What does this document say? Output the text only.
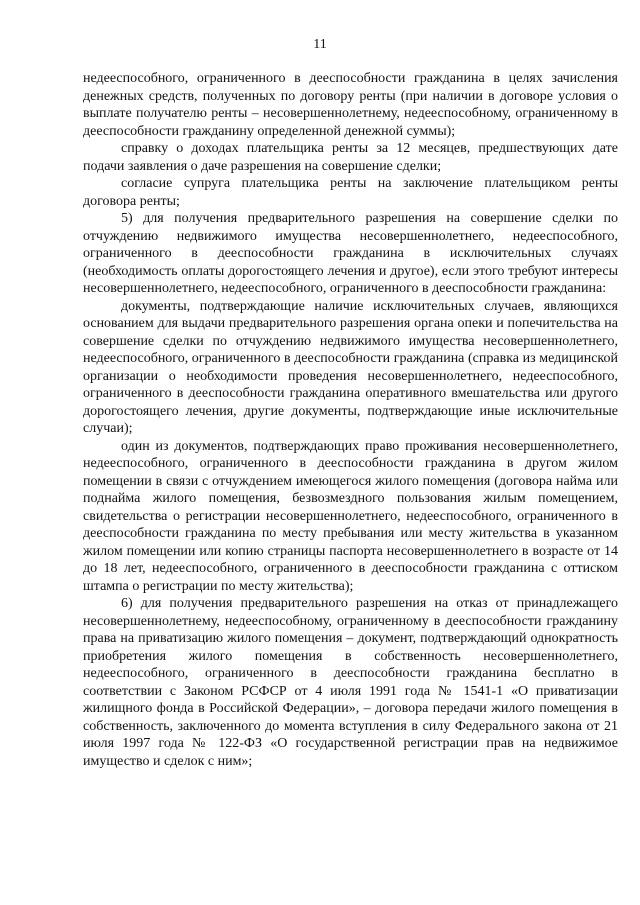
11

недееспособного, ограниченного в дееспособности гражданина в целях зачисления денежных средств, полученных по договору ренты (при наличии в договоре условия о выплате получателю ренты – несовершеннолетнему, недееспособному, ограниченному в дееспособности гражданину определенной денежной суммы);

справку о доходах плательщика ренты за 12 месяцев, предшествующих дате подачи заявления о даче разрешения на совершение сделки;

согласие супруга плательщика ренты на заключение плательщиком ренты договора ренты;

5) для получения предварительного разрешения на совершение сделки по отчуждению недвижимого имущества несовершеннолетнего, недееспособного, ограниченного в дееспособности гражданина в исключительных случаях (необходимость оплаты дорогостоящего лечения и другое), если этого требуют интересы несовершеннолетнего, недееспособного, ограниченного в дееспособности гражданина:

документы, подтверждающие наличие исключительных случаев, являющихся основанием для выдачи предварительного разрешения органа опеки и попечительства на совершение сделки по отчуждению недвижимого имущества несовершеннолетнего, недееспособного, ограниченного в дееспособности гражданина (справка из медицинской организации о необходимости проведения несовершеннолетнего, недееспособного, ограниченного в дееспособности гражданина оперативного вмешательства или другого дорогостоящего лечения, другие документы, подтверждающие иные исключительные случаи);

один из документов, подтверждающих право проживания несовершеннолетнего, недееспособного, ограниченного в дееспособности гражданина в другом жилом помещении в связи с отчуждением имеющегося жилого помещения (договора найма или поднайма жилого помещения, безвозмездного пользования жилым помещением, свидетельства о регистрации несовершеннолетнего, недееспособного, ограниченного в дееспособности гражданина по месту пребывания или месту жительства в указанном жилом помещении или копию страницы паспорта несовершеннолетнего в возрасте от 14 до 18 лет, недееспособного, ограниченного в дееспособности гражданина с оттиском штампа о регистрации по месту жительства);

6) для получения предварительного разрешения на отказ от принадлежащего несовершеннолетнему, недееспособному, ограниченному в дееспособности гражданину права на приватизацию жилого помещения – документ, подтверждающий однократность приобретения жилого помещения в собственность несовершеннолетнего, недееспособного, ограниченного в дееспособности гражданина бесплатно в соответствии с Законом РСФСР от 4 июля 1991 года № 1541-1 «О приватизации жилищного фонда в Российской Федерации», – договора передачи жилого помещения в собственность, заключенного до момента вступления в силу Федерального закона от 21 июля 1997 года № 122-ФЗ «О государственной регистрации прав на недвижимое имущество и сделок с ним»;
